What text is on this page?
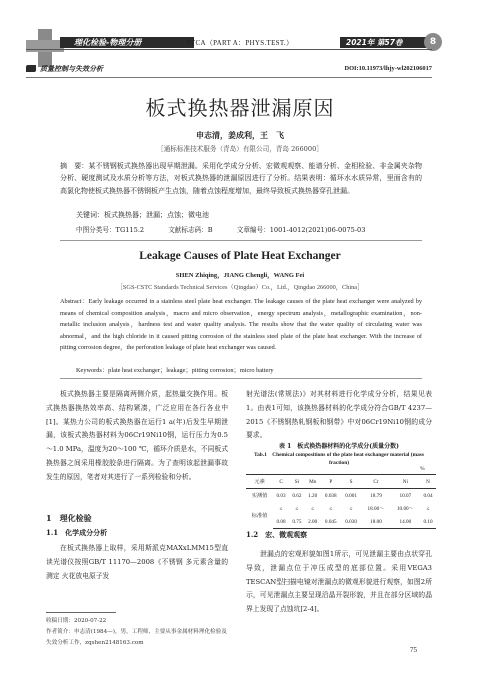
理化检验-物理分册	PTCA（PART A：PHYS.TEST.）	2021年 第57卷	8
质量控制与失效分析	DOI:10.11973/lhjy-wl202106017
板式换热器泄漏原因
申志清，姜成利，王　飞
［通标标准技术服务（青岛）有限公司，青岛 266000］
摘　要：某不锈钢板式换热器出现早期泄漏。采用化学成分分析、宏微观观察、能谱分析、金相检验、非金属夹杂物分析、硬度测试及水质分析等方法，对板式换热器的泄漏原因进行了分析。结果表明：循环水水质异常，里面含有的高氯化物使板式换热器不锈钢板产生点蚀，随着点蚀程度增加，最终导致板式换热器穿孔泄漏。
关键词：板式换热器；泄漏；点蚀；微电池
中图分类号：TG115.2	文献标志码：B	文章编号：1001-4012(2021)06-0075-03
Leakage Causes of Plate Heat Exchanger
SHEN Zhiqing，JIANG Chengli，WANG Fei
［SGS-CSTC Standards Technical Services（Qingdao）Co.，Ltd.，Qingdao 266000，China］
Abstract：Early leakage occurred in a stainless steel plate heat exchanger. The leakage causes of the plate heat exchanger were analyzed by means of chemical composition analysis，macro and micro observation，energy spectrum analysis，metallographic examination，non-metallic inclusion analysis，hardness test and water quality analysis. The results show that the water quality of circulating water was abnormal，and the high chloride in it caused pitting corrosion of the stainless steel plate of the plate heat exchanger. With the increase of pitting corrosion degree，the perforation leakage of plate heat exchanger was caused.
Keywords：plate heat exchanger；leakage；pitting corrosion；micro battery
板式换热器主要是隔离两侧介质，起热量交换作用。板式换热器换热效率高、结构紧凑，广泛应用在各行各业中[1]。某热力公司的板式换热器在运行1 a(年)后发生早期泄漏，该板式换热器材料为06Cr19Ni10钢，运行压力为0.5～1.0 MPa，温度为20～100 ℃，循环介质是水，不同板式换热器之间采用橡胶胶条进行隔离。为了查明该起泄漏事故发生的原因，笔者对其进行了一系列检验和分析。
1　理化检验
1.1　化学成分分析
在板式换热器上取样，采用斯派克MAXxLMM15型直读光谱仪按照GB/T 11170—2008《不锈钢 多元素含量的测定 火花放电原子发
收稿日期：2020-07-22
作者简介：申志清(1984—)，男，工程师，主要从事金属材料理化检验及失效分析工作，zqshen2148163.com
射光谱法(常规法)》对其材料进行化学成分分析，结果见表1。由表1可知，该换热器材料的化学成分符合GB/T 4237—2015《不锈钢热轧钢板和钢带》中对06Cr19Ni10钢的成分要求。
表 1　板式换热器材料的化学成分(质量分数)
Tab.1　Chemical compositions of the plate heat exchanger material (mass fraction)
%
元素	C	Si	Mn	P	S	Cr	Ni	N
实测值	0.03	0.62	1.20	0.038	0.001	18.79	10.07	0.04
标准值	≤	≤	≤	≤	≤	18.00～	10.00～	≤
	0.08	0.75	2.00	0.045	0.030	18.00	14.00	0.10
1.2　宏、微观观察
泄漏点的宏观形貌如图1所示，可见泄漏主要由点状穿孔导致，泄漏点位于冲压成型的底部位置。采用VEGA3 TESCAN型扫描电镜对泄漏点的微观形貌进行观察，如图2所示，可见泄漏点主要呈现沿晶开裂形貌，并且在部分区域的晶界上发现了点蚀坑[2-4]。
75
